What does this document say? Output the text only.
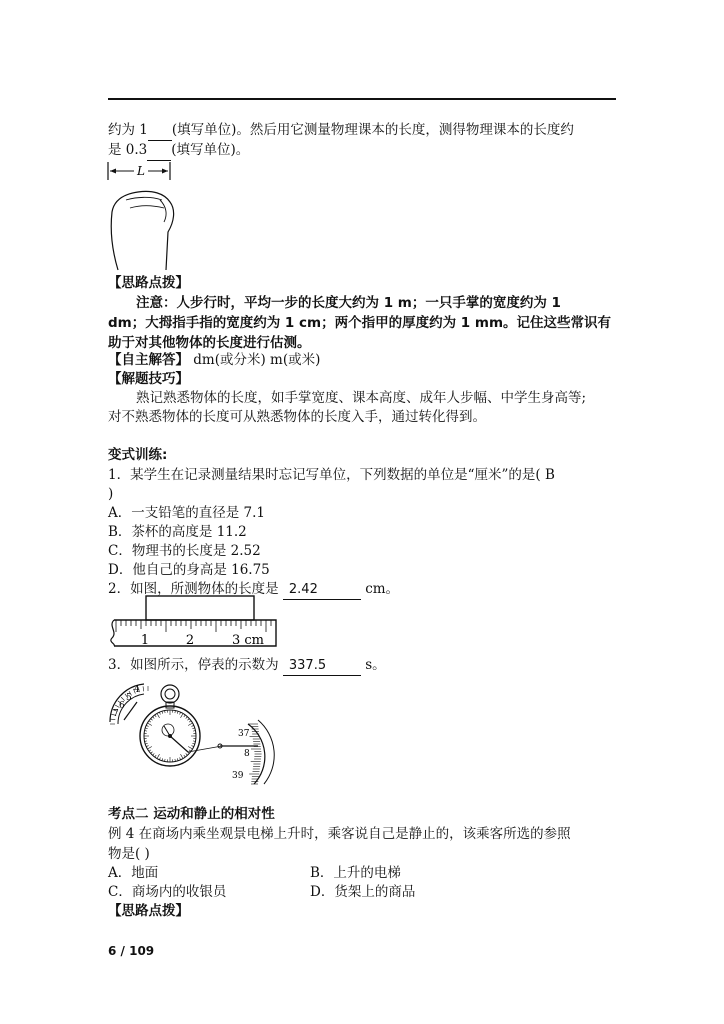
约为 1 (填写单位)。然后用它测量物理课本的长度，测得物理课本的长度约
是 0.3 (填写单位)。
L
【思路点拨】
注意：人步行时，平均一步的长度大约为 1 m；一只手掌的宽度约为 1
dm；大拇指手指的宽度约为 1 cm；两个指甲的厚度约为 1 mm。记住这些常识有
助于对其他物体的长度进行估测。
【自主解答】 dm(或分米) m(或米)
【解题技巧】
熟记熟悉物体的长度，如手掌宽度、课本高度、成年人步幅、中学生身高等;
对不熟悉物体的长度可从熟悉物体的长度入手，通过转化得到。
变式训练:
1．某学生在记录测量结果时忘记写单位，下列数据的单位是“厘米”的是( B
)
A．一支铅笔的直径是 7.1
B．茶杯的高度是 11.2
C．物理书的长度是 2.52
D．他自己的身高是 16.75
2．如图，所测物体的长度是 2.42	cm。
1	2	3 cm
3．如图所示，停表的示数为 337.5	s。
4
5
6
7
37
8
39
考点二 运动和静止的相对性
例 4 在商场内乘坐观景电梯上升时，乘客说自己是静止的，该乘客所选的参照
物是( )
A．地面	B．上升的电梯
C．商场内的收银员	D．货架上的商品
【思路点拨】
6 / 109
